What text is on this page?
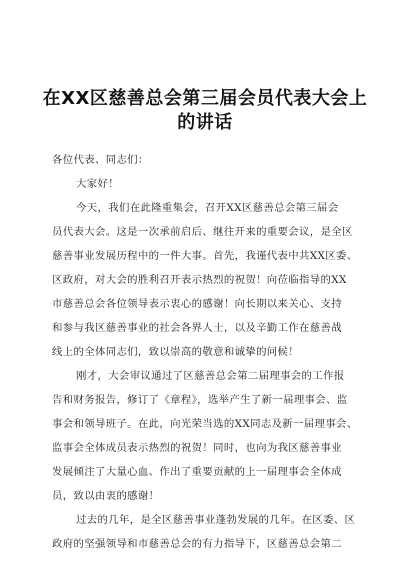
在XX区慈善总会第三届会员代表大会上
的讲话
各位代表、同志们：
大家好！
今天，我们在此隆重集会，召开XX区慈善总会第三届会
员代表大会。这是一次承前启后、继往开来的重要会议，是全区
慈善事业发展历程中的一件大事。首先，我谨代表中共XX区委、
区政府，对大会的胜利召开表示热烈的祝贺！向莅临指导的XX
市慈善总会各位领导表示衷心的感谢！向长期以来关心、支持
和参与我区慈善事业的社会各界人士，以及辛勤工作在慈善战
线上的全体同志们，致以崇高的敬意和诚挚的问候！
刚才，大会审议通过了区慈善总会第二届理事会的工作报
告和财务报告，修订了《章程》，选举产生了新一届理事会、监
事会和领导班子。在此，向光荣当选的XX同志及新一届理事会、
监事会全体成员表示热烈的祝贺！同时，也向为我区慈善事业
发展倾注了大量心血、作出了重要贡献的上一届理事会全体成
员，致以由衷的感谢！
过去的几年，是全区慈善事业蓬勃发展的几年。在区委、区
政府的坚强领导和市慈善总会的有力指导下，区慈善总会第二
